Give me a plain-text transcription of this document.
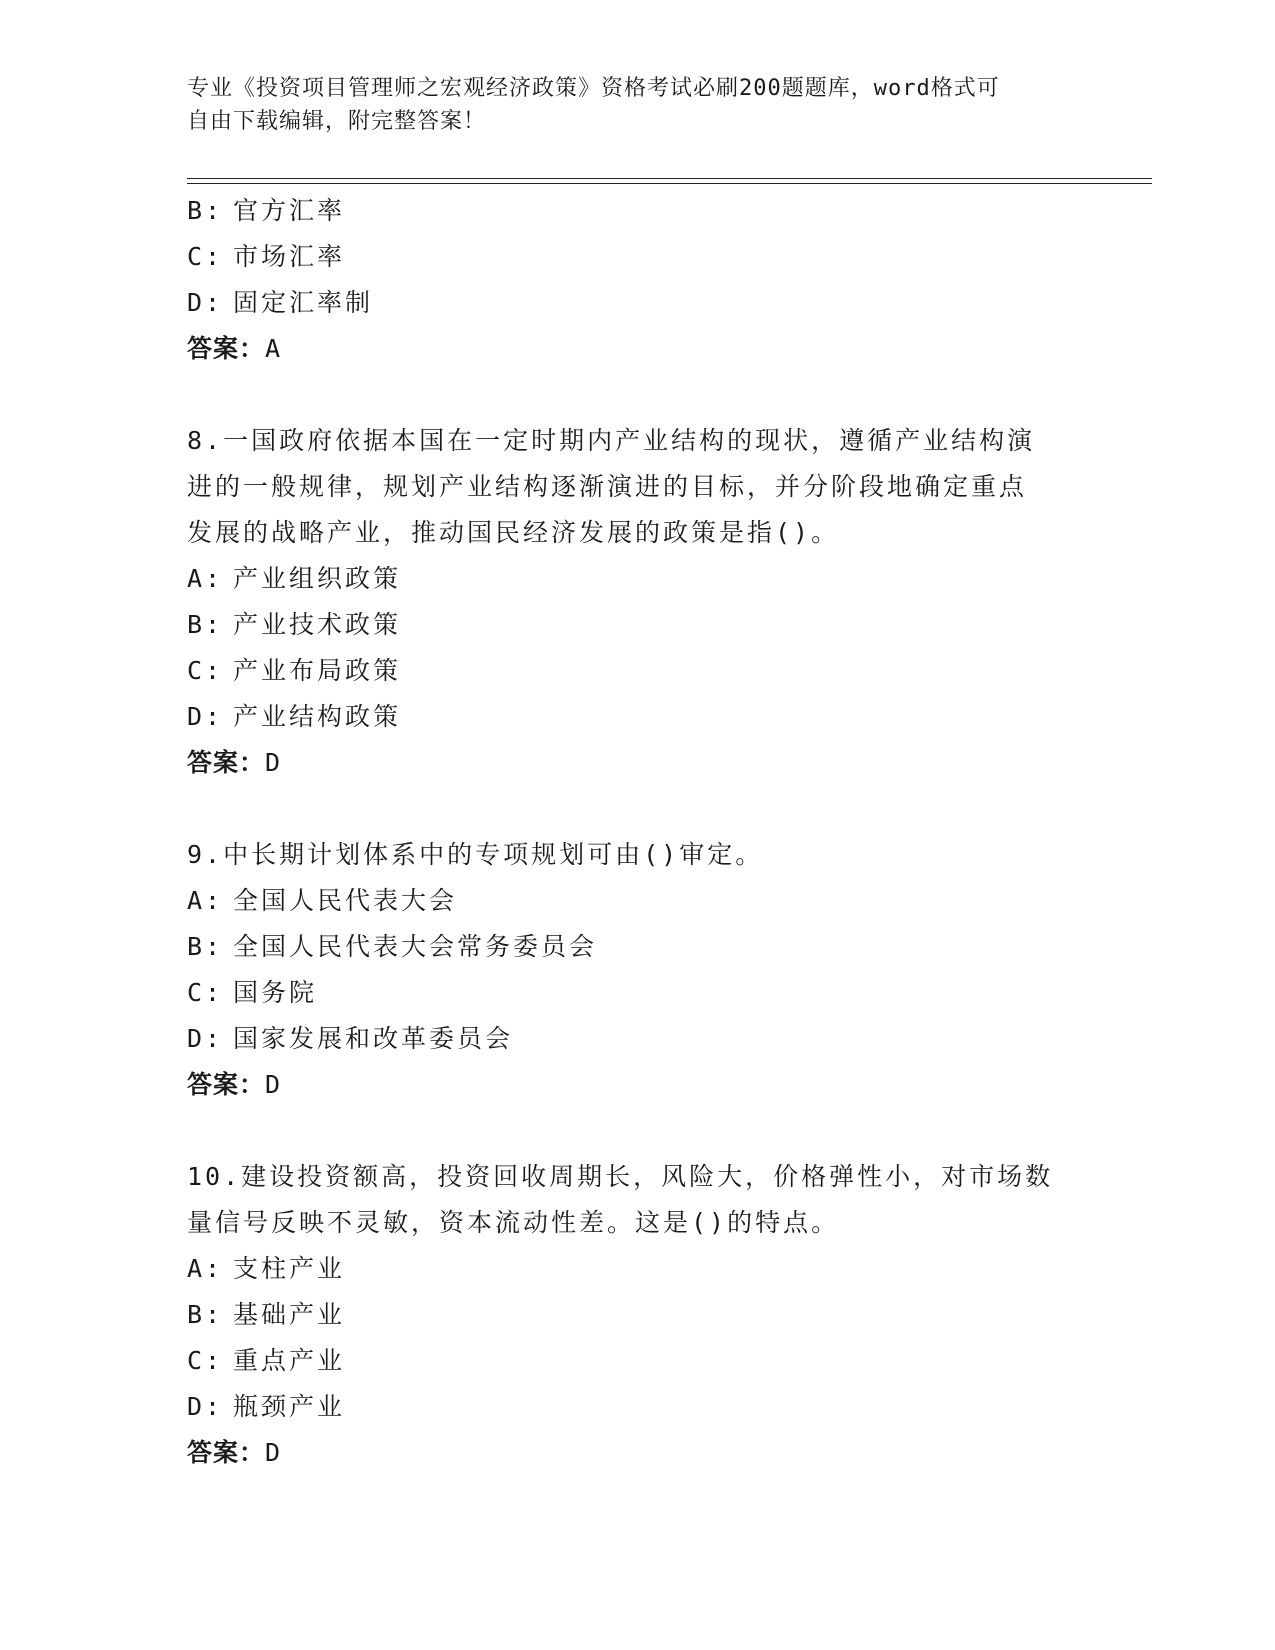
专业《投资项目管理师之宏观经济政策》资格考试必刷200题题库，word格式可
自由下载编辑，附完整答案！
B: 官方汇率
C: 市场汇率
D: 固定汇率制
答案：A
8.一国政府依据本国在一定时期内产业结构的现状，遵循产业结构演
进的一般规律，规划产业结构逐渐演进的目标，并分阶段地确定重点
发展的战略产业，推动国民经济发展的政策是指()。
A: 产业组织政策
B: 产业技术政策
C: 产业布局政策
D: 产业结构政策
答案：D
9.中长期计划体系中的专项规划可由()审定。
A: 全国人民代表大会
B: 全国人民代表大会常务委员会
C: 国务院
D: 国家发展和改革委员会
答案：D
10.建设投资额高，投资回收周期长，风险大，价格弹性小，对市场数
量信号反映不灵敏，资本流动性差。这是()的特点。
A: 支柱产业
B: 基础产业
C: 重点产业
D: 瓶颈产业
答案：D
